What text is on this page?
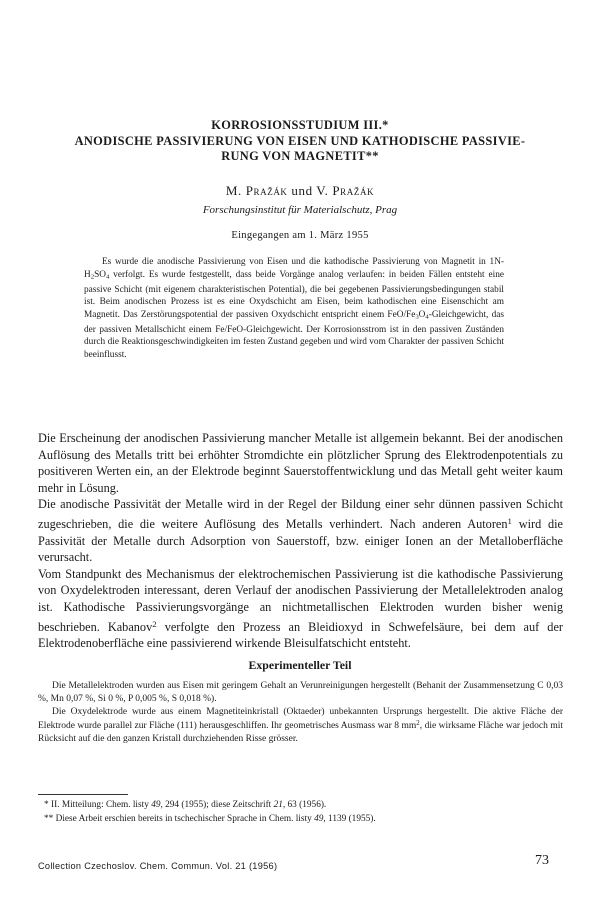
KORROSIONSSTUDIUM III.*
ANODISCHE PASSIVIERUNG VON EISEN UND KATHODISCHE PASSIVIE-
RUNG VON MAGNETIT**
M. Pražák und V. Pražák
Forschungsinstitut für Materialschutz, Prag
Eingegangen am 1. März 1955

Es wurde die anodische Passivierung von Eisen und die kathodische Passivierung von Magnetit in $1N-H_2SO_4$ verfolgt. Es wurde festgestellt, dass beide Vorgänge analog verlaufen: in beiden Fällen entsteht eine passive Schicht (mit eigenem charakteristischen Potential), die bei gegebenen Passivierungsbedingungen stabil ist. Beim anodischen Prozess ist es eine Oxydschicht am Eisen, beim kathodischen eine Eisenschicht am Magnetit. Das Zerstörungspotential der passiven Oxydschicht entspricht einem FeO/$Fe_3O_4$-Gleichgewicht, das der passiven Metallschicht einem Fe/FeO-Gleichgewicht. Der Korrosionsstrom ist in den passiven Zuständen durch die Reaktionsgeschwindigkeiten im festen Zustand gegeben und wird vom Charakter der passiven Schicht beeinflusst.

Die Erscheinung der anodischen Passivierung mancher Metalle ist allgemein bekannt. Bei der anodischen Auflösung des Metalls tritt bei erhöhter Stromdichte ein plötzlicher Sprung des Elektrodenpotentials zu positiveren Werten ein, an der Elektrode beginnt Sauerstoffentwicklung und das Metall geht weiter kaum mehr in Lösung.

Die anodische Passivität der Metalle wird in der Regel der Bildung einer sehr dünnen passiven Schicht zugeschrieben, die die weitere Auflösung des Metalls verhindert. Nach anderen Autoren$^1$ wird die Passivität der Metalle durch Adsorption von Sauerstoff, bzw. einiger Ionen an der Metalloberfläche verursacht.

Vom Standpunkt des Mechanismus der elektrochemischen Passivierung ist die kathodische Passivierung von Oxydelektroden interessant, deren Verlauf der anodischen Passivierung der Metallelektroden analog ist. Kathodische Passivierungsvorgänge an nichtmetallischen Elektroden wurden bisher wenig beschrieben. Kabanov$^2$ verfolgte den Prozess an Bleidioxyd in Schwefelsäure, bei dem auf der Elektrodenoberfläche eine passivierend wirkende Bleisulfatschicht entsteht.

Experimenteller Teil

Die Metallelektroden wurden aus Eisen mit geringem Gehalt an Verunreinigungen hergestellt (Behanit der Zusammensetzung C 0,03 %, Mn 0,07 %, Si 0 %, P 0,005 %, S 0,018 %).

Die Oxydelektrode wurde aus einem Magnetiteinkristall (Oktaeder) unbekannten Ursprungs hergestellt. Die aktive Fläche der Elektrode wurde parallel zur Fläche (111) herausgeschliffen. Ihr geometrisches Ausmass war 8 $mm^2$, die wirksame Fläche war jedoch mit Rücksicht auf die den ganzen Kristall durchziehenden Risse grösser.

* II. Mitteilung: Chem. listy 49, 294 (1955); diese Zeitschrift 21, 63 (1956).

** Diese Arbeit erschien bereits in tschechischer Sprache in Chem. listy 49, 1139 (1955).

Collection Czechoslov. Chem. Commun. Vol. 21 (1956)	73
